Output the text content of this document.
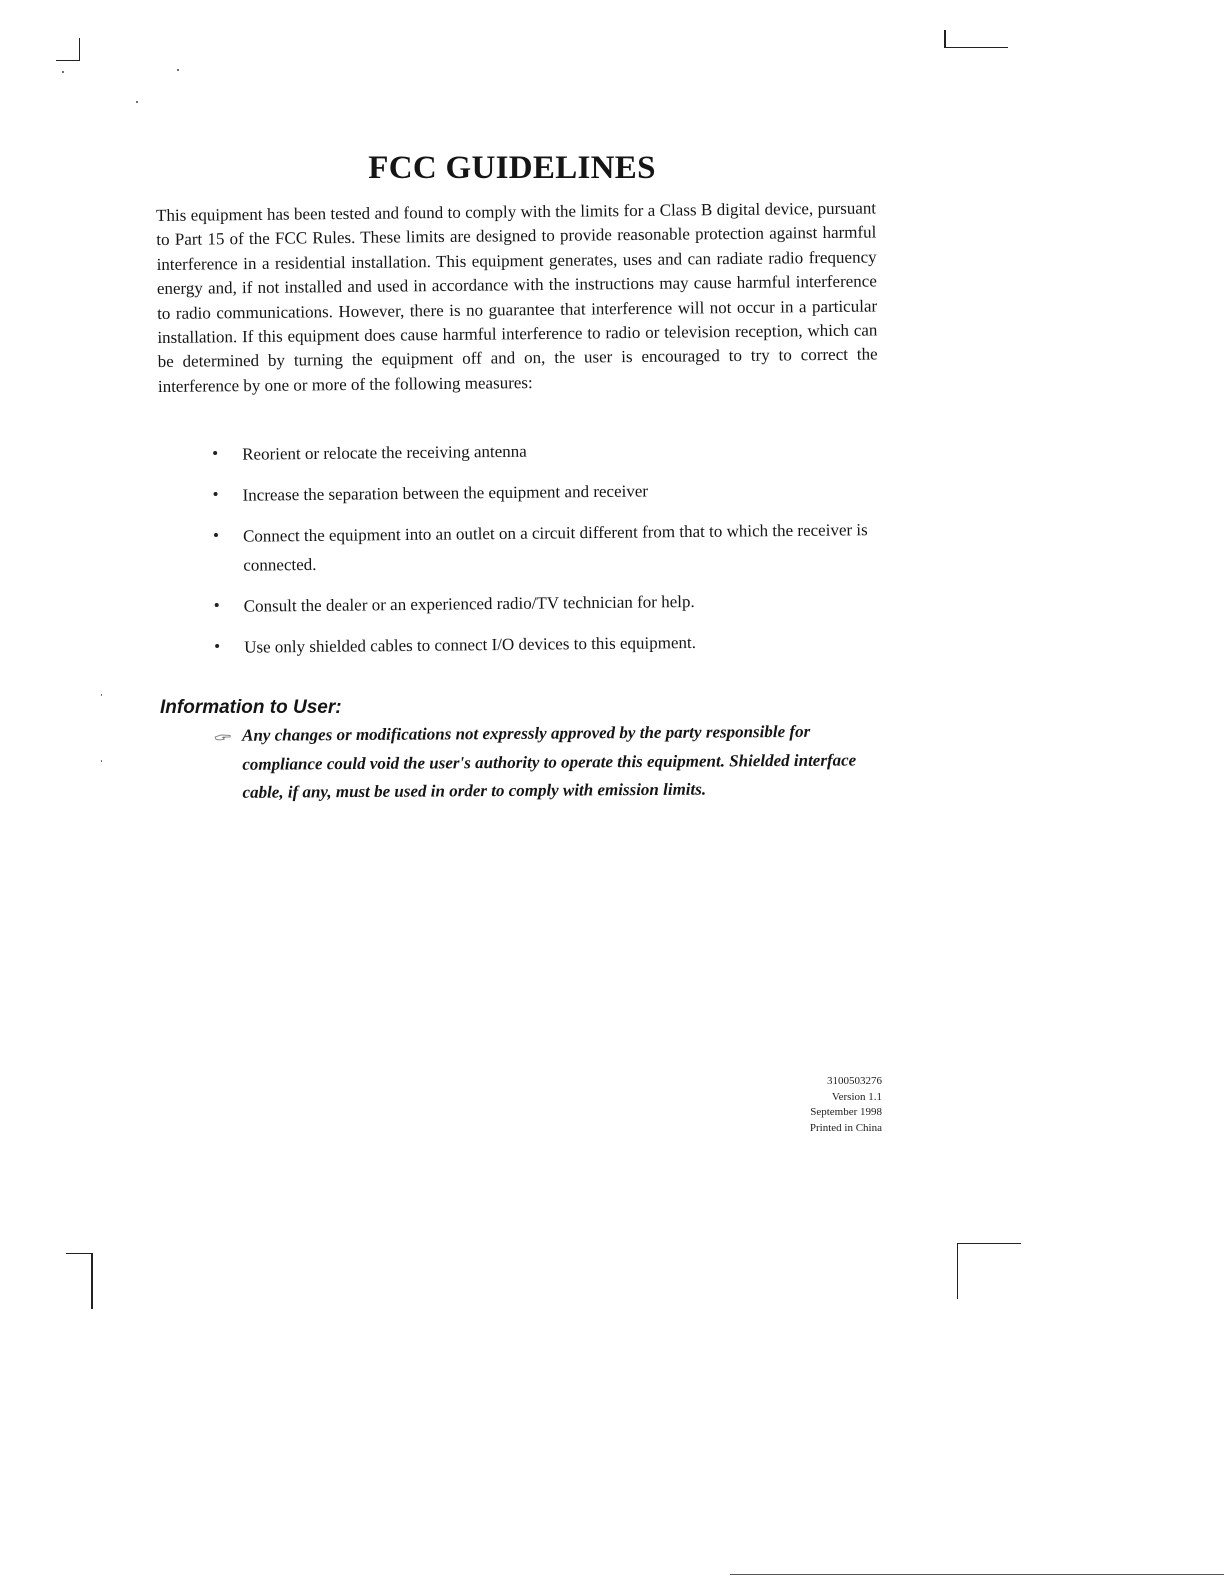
FCC GUIDELINES

This equipment has been tested and found to comply with the limits for a Class B digital device, pursuant to Part 15 of the FCC Rules. These limits are designed to provide reasonable protection against harmful interference in a residential installation. This equipment generates, uses and can radiate radio frequency energy and, if not installed and used in accordance with the instructions may cause harmful interference to radio communications. However, there is no guarantee that interference will not occur in a particular installation. If this equipment does cause harmful interference to radio or television reception, which can be determined by turning the equipment off and on, the user is encouraged to try to correct the interference by one or more of the following measures:

Reorient or relocate the receiving antenna
Increase the separation between the equipment and receiver
Connect the equipment into an outlet on a circuit different from that to which the receiver is connected.
Consult the dealer or an experienced radio/TV technician for help.
Use only shielded cables to connect I/O devices to this equipment.
Information to User:

Any changes or modifications not expressly approved by the party responsible for compliance could void the user's authority to operate this equipment. Shielded interface cable, if any, must be used in order to comply with emission limits.

3100503276
Version 1.1
September 1998
Printed in China
